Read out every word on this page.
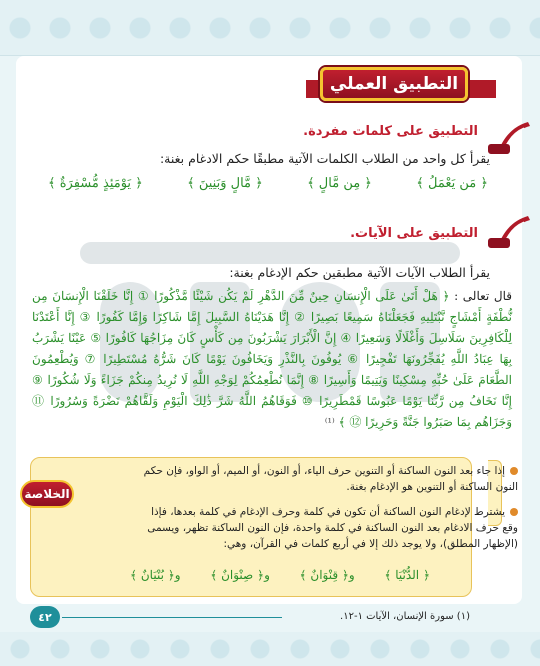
التطبيق العملي
التطبيق على كلمات مفردة.
يقرأ كل واحد من الطلاب الكلمات الآتية مطبقًا حكم الادغام بغنة:
﴿ مَن يَعْمَلُ ﴾
﴿ مِن مَّالٍ ﴾
﴿ مَّالٍ وَبَنِينَ ﴾
﴿ يَوْمَئِذٍ مُّسْفِرَةٌ ﴾
التطبيق على الآيات.
يقرأ الطلاب الآيات الآتية مطبقين حكم الإدغام بغنة:
قال تعالى : ﴿ هَلْ أَتَىٰ عَلَى الْإِنسَانِ حِينٌ مِّنَ الدَّهْرِ لَمْ يَكُن شَيْئًا مَّذْكُورًا ① إِنَّا خَلَقْنَا الْإِنسَانَ مِن نُّطْفَةٍ أَمْشَاجٍ نَّبْتَلِيهِ فَجَعَلْنَاهُ سَمِيعًا بَصِيرًا ② إِنَّا هَدَيْنَاهُ السَّبِيلَ إِمَّا شَاكِرًا وَإِمَّا كَفُورًا ③ إِنَّا أَعْتَدْنَا لِلْكَافِرِينَ سَلَاسِلَ وَأَغْلَالًا وَسَعِيرًا ④ إِنَّ الْأَبْرَارَ يَشْرَبُونَ مِن كَأْسٍ كَانَ مِزَاجُهَا كَافُورًا ⑤ عَيْنًا يَشْرَبُ بِهَا عِبَادُ اللَّهِ يُفَجِّرُونَهَا تَفْجِيرًا ⑥ يُوفُونَ بِالنَّذْرِ وَيَخَافُونَ يَوْمًا كَانَ شَرُّهُ مُسْتَطِيرًا ⑦ وَيُطْعِمُونَ الطَّعَامَ عَلَىٰ حُبِّهِ مِسْكِينًا وَيَتِيمًا وَأَسِيرًا ⑧ إِنَّمَا نُطْعِمُكُمْ لِوَجْهِ اللَّهِ لَا نُرِيدُ مِنكُمْ جَزَاءً وَلَا شُكُورًا ⑨ إِنَّا نَخَافُ مِن رَّبِّنَا يَوْمًا عَبُوسًا قَمْطَرِيرًا ⑩ فَوَقَاهُمُ اللَّهُ شَرَّ ذَٰلِكَ الْيَوْمِ وَلَقَّاهُمْ نَضْرَةً وَسُرُورًا ⑪ وَجَزَاهُم بِمَا صَبَرُوا جَنَّةً وَحَرِيرًا ⑫ ﴾ ⁽¹⁾
الخلاصة
إذا جاء بعد النون الساكنة أو التنوين حرف الياء، أو النون، أو الميم، أو الواو، فإن حكم النون الساكنة أو التنوين هو الإدغام بغنة.
يشترط لإدغام النون الساكنة أن تكون في كلمة وحرف الإدغام في كلمة بعدها، فإذا وقع حرف الادغام بعد النون الساكنة في كلمة واحدة، فإن النون الساكنة تظهر، ويسمى (الإظهار المطلق)، ولا يوجد ذلك إلا في أربع كلمات في القرآن، وهي:
﴿ الدُّنْيَا ﴾
و﴿ قِنْوَانٌ ﴾
و﴿ صِنْوَانٌ ﴾
و﴿ بُنْيَانٌ ﴾
٤٢	(١) سورة الإنسان، الآيات ١-١٢.
